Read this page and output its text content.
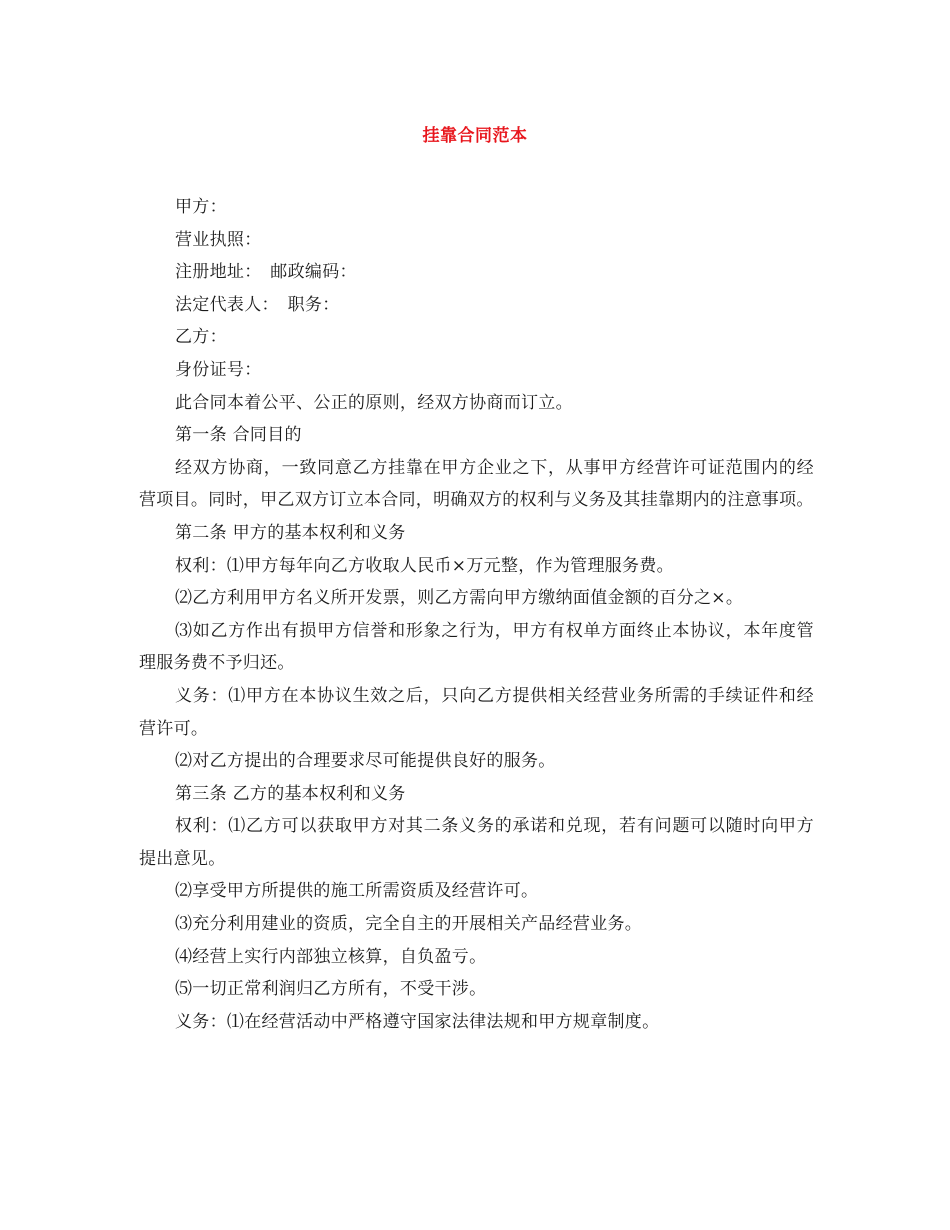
挂靠合同范本

甲方：

营业执照：

注册地址：　邮政编码：

法定代表人：　职务：

乙方：

身份证号：

此合同本着公平、公正的原则，经双方协商而订立。

第一条 合同目的

经双方协商，一致同意乙方挂靠在甲方企业之下，从事甲方经营许可证范围内的经营项目。同时，甲乙双方订立本合同，明确双方的权利与义务及其挂靠期内的注意事项。

第二条 甲方的基本权利和义务

权利：⑴甲方每年向乙方收取人民币×万元整，作为管理服务费。

⑵乙方利用甲方名义所开发票，则乙方需向甲方缴纳面值金额的百分之×。

⑶如乙方作出有损甲方信誉和形象之行为，甲方有权单方面终止本协议，本年度管理服务费不予归还。

义务：⑴甲方在本协议生效之后，只向乙方提供相关经营业务所需的手续证件和经营许可。

⑵对乙方提出的合理要求尽可能提供良好的服务。

第三条 乙方的基本权利和义务

权利：⑴乙方可以获取甲方对其二条义务的承诺和兑现，若有问题可以随时向甲方提出意见。

⑵享受甲方所提供的施工所需资质及经营许可。

⑶充分利用建业的资质，完全自主的开展相关产品经营业务。

⑷经营上实行内部独立核算，自负盈亏。

⑸一切正常利润归乙方所有，不受干涉。

义务：⑴在经营活动中严格遵守国家法律法规和甲方规章制度。
